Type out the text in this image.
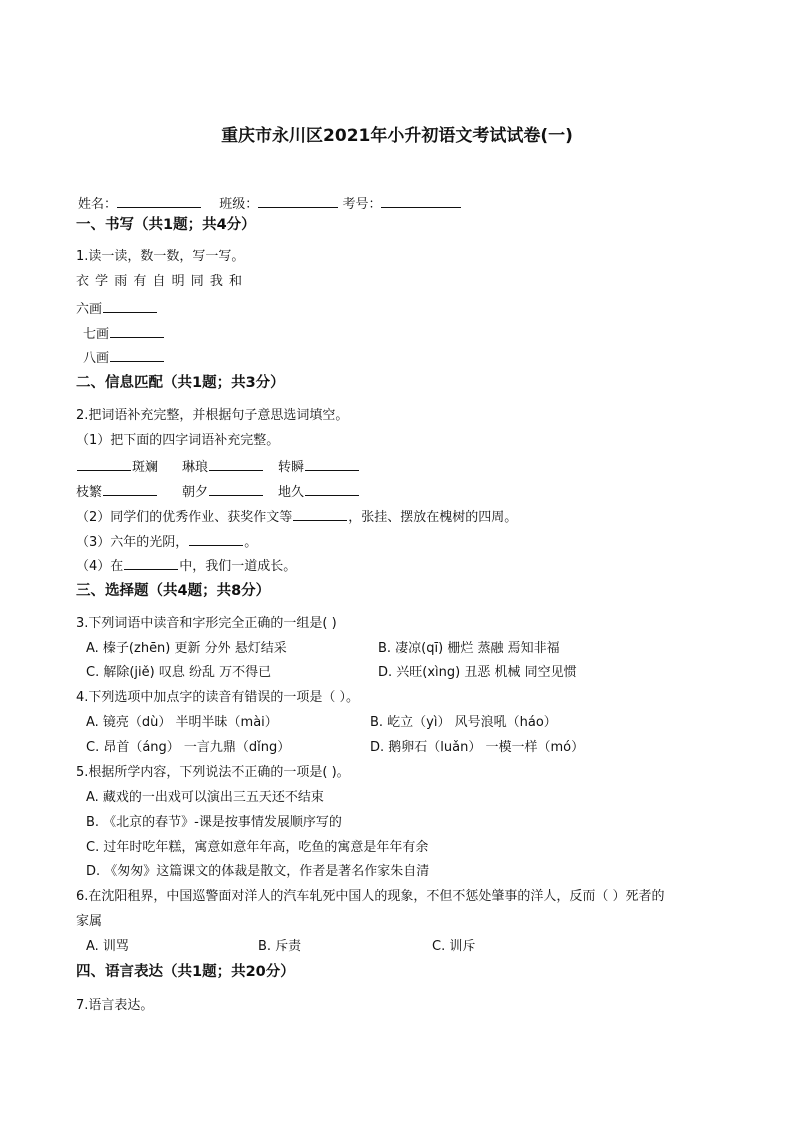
重庆市永川区2021年小升初语文考试试卷(一)
姓名：	班级：	考号：
一、书写（共1题；共4分）
1.读一读，数一数，写一写。
衣 学 雨 有 自 明 同 我 和
六画
七画
八画
二、信息匹配（共1题；共3分）
2.把词语补充完整，并根据句子意思选词填空。
（1）把下面的四字词语补充完整。
斑斓 琳琅	转瞬
枝繁	朝夕	地久
（2）同学们的优秀作业、获奖作文等	，张挂、摆放在槐树的四周。
（3）六年的光阴，	。
（4）在	中，我们一道成长。
三、选择题（共4题；共8分）
3.下列词语中读音和字形完全正确的一组是( )
A. 榛子(zhēn) 更新 分外 悬灯结采	B. 凄凉(qī) 栅烂 蒸融 焉知非福
C. 解除(jiě) 叹息 纷乱 万不得已	D. 兴旺(xìng) 丑恶 机械 同空见惯
4.下列选项中加点字的读音有错误的一项是（ ）。
A. 镜亮（dù） 半明半昧（mài）	B. 屹立（yì） 风号浪吼（háo）
C. 昂首（áng） 一言九鼎（dǐng）	D. 鹅卵石（luǎn） 一模一样（mó）
5.根据所学内容，下列说法不正确的一项是( )。
A. 藏戏的一出戏可以演出三五天还不结束
B. 《北京的春节》-课是按事情发展顺序写的
C. 过年时吃年糕，寓意如意年年高，吃鱼的寓意是年年有余
D. 《匆匆》这篇课文的体裁是散文，作者是著名作家朱自清
6.在沈阳租界，中国巡警面对洋人的汽车轧死中国人的现象，不但不惩处肇事的洋人，反而（ ）死者的
家属
A. 训骂	B. 斥责	C. 训斥
四、语言表达（共1题；共20分）
7.语言表达。
